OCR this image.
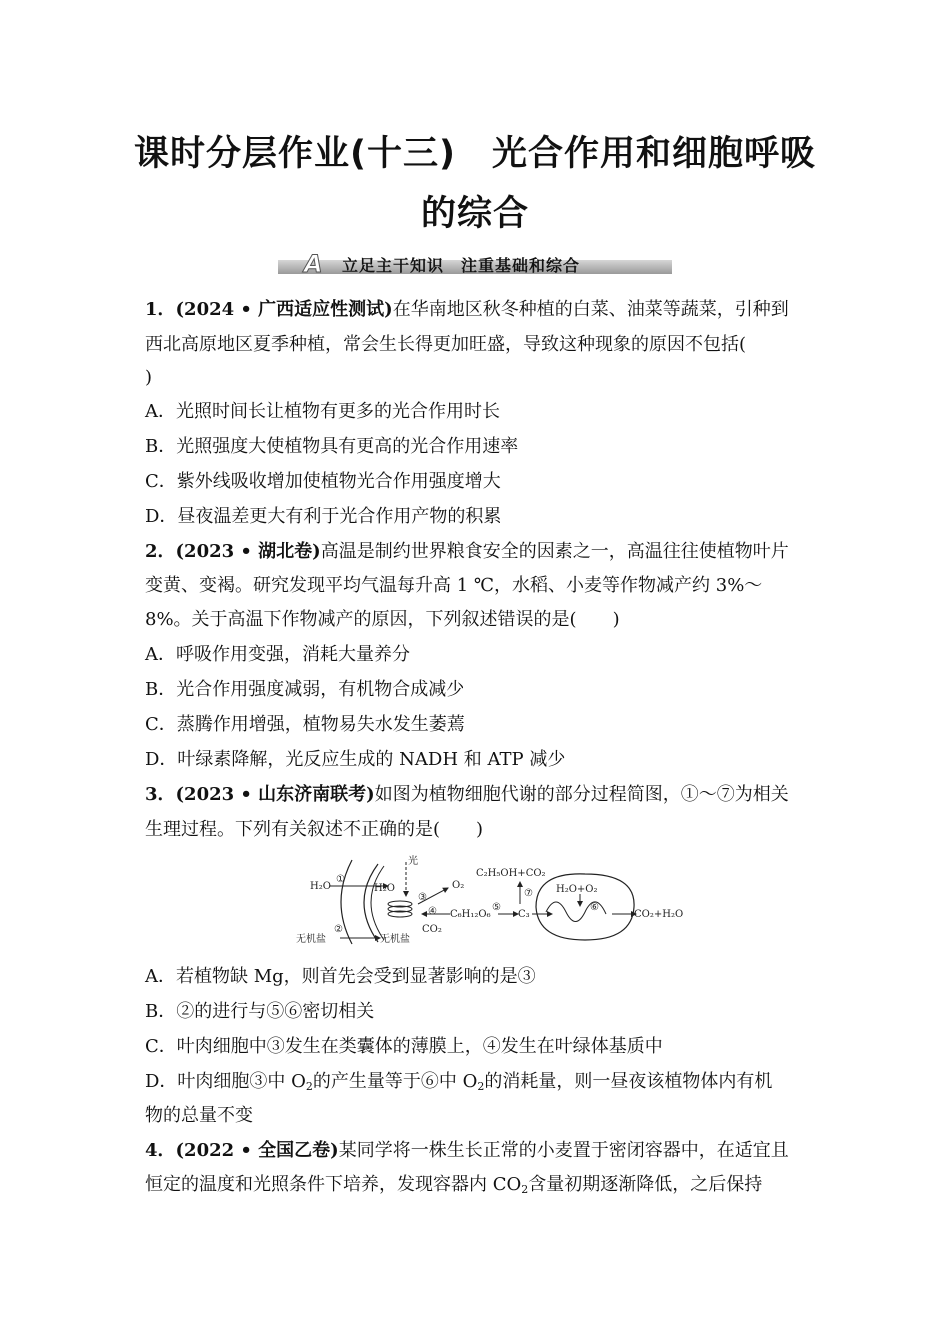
课时分层作业(十三)　光合作用和细胞呼吸
的综合
A	立足主干知识　注重基础和综合
1．(2024 • 广西适应性测试)在华南地区秋冬种植的白菜、油菜等蔬菜，引种到
西北高原地区夏季种植，常会生长得更加旺盛，导致这种现象的原因不包括(
)
A．光照时间长让植物有更多的光合作用时长
B．光照强度大使植物具有更高的光合作用速率
C．紫外线吸收增加使植物光合作用强度增大
D．昼夜温差更大有利于光合作用产物的积累
2．(2023 • 湖北卷)高温是制约世界粮食安全的因素之一，高温往往使植物叶片
变黄、变褐。研究发现平均气温每升高 1 ℃，水稻、小麦等作物减产约 3%～
8%。关于高温下作物减产的原因，下列叙述错误的是(　　)
A．呼吸作用变强，消耗大量养分
B．光合作用强度减弱，有机物合成减少
C．蒸腾作用增强，植物易失水发生萎蔫
D．叶绿素降解，光反应生成的 NADH 和 ATP 减少
3．(2023 • 山东济南联考)如图为植物细胞代谢的部分过程简图，①～⑦为相关
生理过程。下列有关叙述不正确的是(　　)
H₂O
①
H₂O
光
③
O₂
④ C₆H₁₂O₆
⑤
C₃
CO₂
C₂H₅OH+CO₂
⑦ H₂O+O₂
⑥
CO₂+H₂O
无机盐
②
无机盐
A．若植物缺 Mg，则首先会受到显著影响的是③
B．②的进行与⑤⑥密切相关
C．叶肉细胞中③发生在类囊体的薄膜上，④发生在叶绿体基质中
D．叶肉细胞③中 $O_2$的产生量等于⑥中 $O_2$的消耗量，则一昼夜该植物体内有机
物的总量不变
4．(2022 • 全国乙卷)某同学将一株生长正常的小麦置于密闭容器中，在适宜且
恒定的温度和光照条件下培养，发现容器内 $CO_2$含量初期逐渐降低，之后保持
